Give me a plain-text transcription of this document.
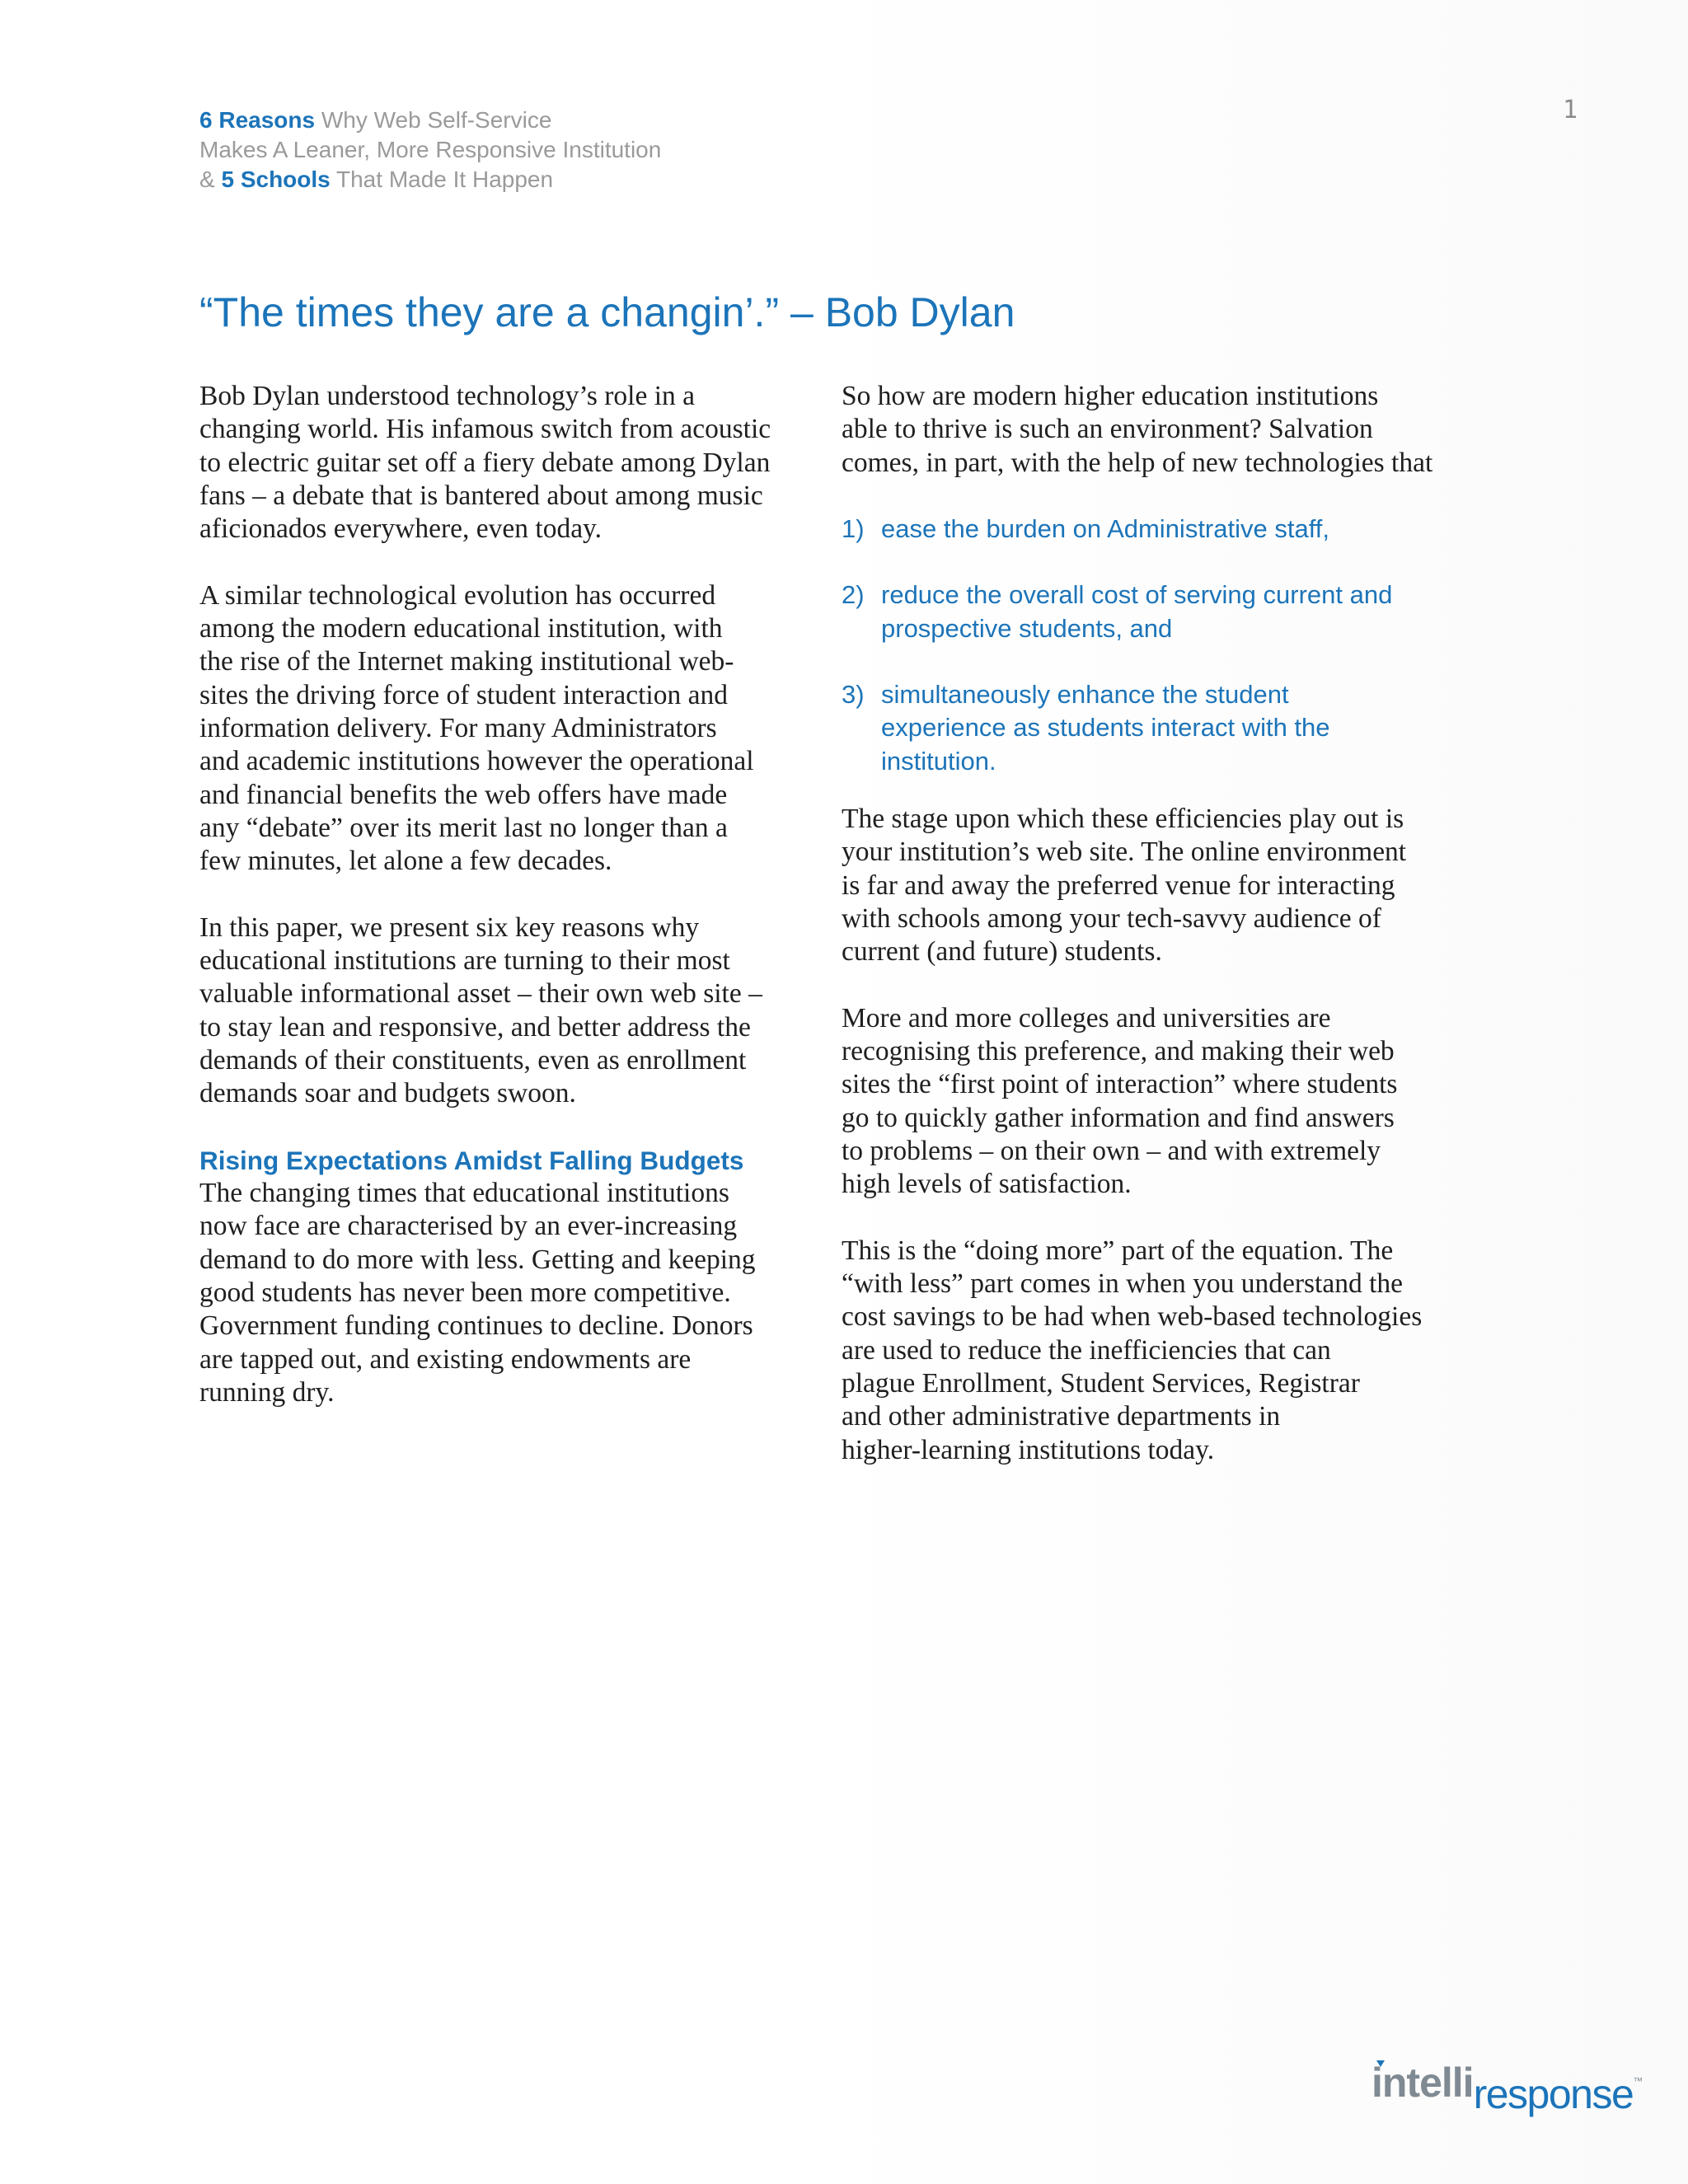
6 Reasons Why Web Self-Service
Makes A Leaner, More Responsive Institution
& 5 Schools That Made It Happen
1
“The times they are a changin’.” – Bob Dylan

Bob Dylan understood technology’s role in a
changing world. His infamous switch from acoustic
to electric guitar set off a fiery debate among Dylan
fans – a debate that is bantered about among music
aficionados everywhere, even today.

A similar technological evolution has occurred
among the modern educational institution, with
the rise of the Internet making institutional web-
sites the driving force of student interaction and
information delivery. For many Administrators
and academic institutions however the operational
and financial benefits the web offers have made
any “debate” over its merit last no longer than a
few minutes, let alone a few decades.

In this paper, we present six key reasons why
educational institutions are turning to their most
valuable informational asset – their own web site –
to stay lean and responsive, and better address the
demands of their constituents, even as enrollment
demands soar and budgets swoon.

Rising Expectations Amidst Falling Budgets

The changing times that educational institutions
now face are characterised by an ever-increasing
demand to do more with less. Getting and keeping
good students has never been more competitive.
Government funding continues to decline. Donors
are tapped out, and existing endowments are
running dry.

So how are modern higher education institutions
able to thrive is such an environment? Salvation
comes, in part, with the help of new technologies that

1) ease the burden on Administrative staff,
2) reduce the overall cost of serving current and
prospective students, and
3) simultaneously enhance the student
experience as students interact with the
institution.

The stage upon which these efficiencies play out is
your institution’s web site. The online environment
is far and away the preferred venue for interacting
with schools among your tech-savvy audience of
current (and future) students.

More and more colleges and universities are
recognising this preference, and making their web
sites the “first point of interaction” where students
go to quickly gather information and find answers
to problems – on their own – and with extremely
high levels of satisfaction.

This is the “doing more” part of the equation. The
“with less” part comes in when you understand the
cost savings to be had when web-based technologies
are used to reduce the inefficiencies that can
plague Enrollment, Student Services, Registrar
and other administrative departments in
higher-learning institutions today.

intelliresponse$_™$
